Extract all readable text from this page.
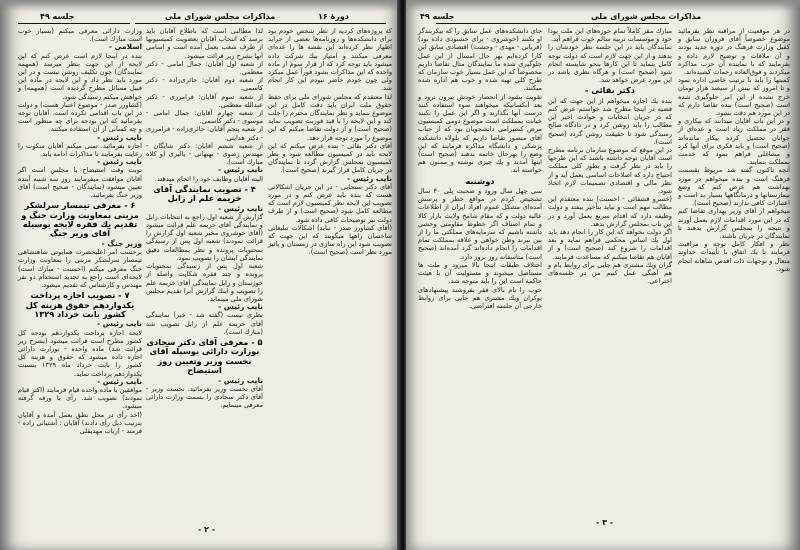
جلسه ۴۹	مذاكرات مجلس شوراى ملى	دورهٔ ۱۶

كه پروژه‌هاى كرديه از نظر شخص خودم بود براى دانشكده‌ها و روزنامه‌ها بعضى از جرايد اظهار نظر كرده‌اند اين نقشه ها را عده‌اى معرفى ميكنند و امتياز بيك شركت داده ميشود بايد توجه كرد كه از قرار سوم از ماده واحده كه اين مذاكرات بشود فوراً عمل ميكرد ولى چون خودم حاضر نبودم اين كار انجام شد.

لذا معتقدم كه مجلس شوراى ملى براى حفظ حقوق ملت ايران بايد دقت كامل در اين موضوع بنمايد و نظر نمايندگان محترم را جلب كند و اين لايحه را با قيد فوريت تصويب نمايد (صحيح است) و از دولت تقاضا ميكنم كه اين موضوع را مورد توجه قرار دهد.

آقاى دكتر بقائى - بنده عرض ميكنم كه اين لايحه بايد در كميسيون مطالعه شود و نظر كميسيون بمجلس گزارش گردد تا نمايندگان در جريان كامل قرار گيرند (صحيح است).

نايب رئيس -

آقاى دكتر سنجابى - در اين جريان اشكالاتى هست كه بنده بايد عرض كنم و در مورد تصويب اين لايحه نظر كميسيون لازم است كه مطالعه كامل شود (صحيح است) و از طرف دولت نيز توضيحات كافى داده شود.

(آقاى كشاورز صدر - نبايد) اشكالات تبليغاتى ساختمان راهها ميگويند كه اين جهت كه تصويب شود اين راه سازى در زمستان و پائيز مورد نظر است (صحيح است).

لذا مطالبى است كه باطلاع آقايان بايد برسد كه انتخاب آقايان بعضويت كميسيونها از طرف شعب بعمل آمده است و اسامى آنها بشرح زير قرائت ميشود.

از شعبه اول آقايان: جمال امامى - دكتر معظمى.

از شعبه دوم آقايان: حائرى‌زاده - دكتر كاسمى.

از شعبه سوم آقايان: فرامرزى - دكتر عبدالله معظمى.

از شعبه چهارم آقايان: جمال امامى - موسوى - دكتر كاسمى.

از شعبه پنجم آقايان: حائرى‌زاده - فرامرزى - دكتر هدايتى.

از شعبه ششم آقايان: دكتر شايگان - مهندس رضوى - بهبهانى - ياليزى (و كلاه مبارك است).

نايب رئيس -

البته آقايان وظايف خود را انجام ميدهند.

۴ - تصويب نمايندگى آقاى خزيمه علم از زابل

نايب رئيس -

گزارش از شعبه اول راجع به انتخابات زابل و نمايندگى آقاى خزيمه علم قرائت ميشود (آقاى خوشروى مخبر شعبه اول گزارش را قرائت نمودند) شعبه اول پس از رسيدگى بمحتويات پرونده و نظر بمطالعات دقيق نمايندگى ايشان را تصويب نمود.

شعبه اول پس از رسيدگى بمحتويات پرونده و چند فقره شكايت واصله از خوزستان و زابل نمايندگى آقاى خزيمه علم را تصويب و اينك گزارش آنرا تقديم مجلس شوراى ملى مينمايد.

نايب رئيس -

نظرى نيست (گفته شد - خير) نمايندگى آقاى خزيمه علم از زابل تصويب شد (مبارك است).

۵ - معرفى آقاى دكتر سجادى بوزارت دارائى بوسيله آقاى نخست وزير وتعيين روز استيضاح

نايب رئيس -

آقاى نخست وزير بفرمائيد. نخست وزير - آقاى دكتر سجادى را بسمت وزارت دارائى معرفى مينمايم.

وزارت دارائى معرفى ميكنم (بسيار خوب است مبارك است).

اسلامى -

بنده در اينجا لازم است عرض كنم كه اين لايحه از اين جهت بنظر ميرسد (همهمه نمايندگان) چون تكليف روشن نيست و در اين مورد بايد نظر داد و اين لايحه در ماده اين قبيل مسائل مطرح گرديده است (همهمه) و خواهش ميكنم رسيدگى شود.

(كشاورز صدر - موضوع اعتبار هست) و دولت در اين باب اقدامى نكرده است. آقايان توجه بفرمائيد كه اين بودجه براى چه منظور است و چه كسانى از آن استفاده ميكنند.

نايب رئيس -

اجازه بفرمائيد. تمنى ميكنم آقايان سكوت را رعايت بفرمايند تا مذاكرات ادامه يابد.

نايب رئيس -

نوبت وقت استيضاح با مجلس است اگر آقايان موافقت ميفرمايند روز سه شنبه آينده تعيين ميشود (نمايندگان - صحيح است) آقاى وزير جنگ بفرمائيد.

۶ - معرفى تيمسار سرلشكر مزينى بمعاونت وزارت جنگ و تقديم يك فقره لايحه بوسيله آقاى وزير جنگ

وزير جنگ -

برحسب امر اعليحضرت همايونى شاهنشاهى تيمسار سرلشكر مزينى را بمعاونت وزارت جنگ معرفى ميكنم (احسنت - مبارك است) لايحه‌اى است راجع به تجديد استخدام دو نفر مهندس و كارشناس كه تقديم ميشود.

۷ - تصويب اجازه پرداخت يكدوازدهم حقوق هزينه كل كشور بابت خرداد ۱۳۲۹

نايب رئيس -

لايحه اجازه پرداخت يكدوازدهم بودجه كل كشور مطرح است قرائت ميشود (بشرح زير قرائت شد) ماده واحده - بوزارت دارائى اجازه داده ميشود كه حقوق و هزينه كل كشور را بابت خرداد ماه ۱۳۲۹ بنسبت يكدوازدهم پرداخت نمايد.

نايب رئيس -

موافقين با ماده واحده قيام فرمايند (اكثر قيام نمودند) تصويب شد. رأى با ورقه گرفته ميشود.

(اخذ رأى در محل نطق بعمل آمده و آقايان بترتيب ذيل رأى دادند) آقايان : آشتيانى زاده - فرمند - ارباب مهديقلى

- ۲ -
جلسه ۴۹	مذاكرات مجلس شوراى ملى

جاى دانشكده‌هاى عمل سابق را كه بيكربندگر او بكنند (خوشروى - براى خشنودى داده بود) (قرباني - مهدى - وحشت) اقتصادى سابق اين كارا كرده‌ايم بهر حال امسال از اين عمل جلوگيرى شده ما نمايندگان مثال تقاضا داريم مخصوصاً كه اين عمل بسيار خوب سازمان كه طرح كلى تهيه شده و خوب هم اداره شده ميكنند.

تقويت بشود از انحصار خودش بيرون نرود و بعد آنكسانيكه ميخواهند سوء استفاده كنند درست آنها بگذارند و اگر اين عمل را نكنند خيانت بمملكت است موضوع دومى كميسيون مرض كشيرامى دانشجويان بود كه از جناب آقاى منصور تقاضا داريم كه بلولاه دانشكده پزشكى و دانشگاه مذاكره فرمايند كه اين وضع را بهرحال خاتمه بدهند (صحيح است) اينها آمدند و يك چيزى نوشته و ممنون هم خواسته اند.

دوشنبه

سى چهل سال ورود و صحبت پلى ۴۰ سال تشخيص كردم در مواقع خطر و پرسش آمده‌اى مشكل عموم افراد ايران از اطلاعات عاليه دولت و كه مقام شامخ ولايت بازار كالا و تمام اصناف اگر خطوط مقاومتى وحشى داشته باشيم كه سرمايه‌هاى مملكتى ما را از بين ببرند وطن خواهى و علاقه بمملكت تمام اقدامات را انجام داده‌اند گرد آمده‌اند (صحيح است) متاسفانه روز بروز دارد.

اختلاف طبقات اينجا بالا ميرود و ملت ها مستاصل ميشوند و مسئوليت آن با هيئت حاكمه است اين را بايد متوجه شد.

خوب را بام بالاى فقر بفروشند پيشنهادهاى نوكران ويك مشترى هم جايى براى روابط خارجى آن جلسه افتراضى.

مبارك مقر كاملاً تمام حوزه‌هاى اين ملت بودا خود و موسسات تربيه سالم خوب فراهم آيد.

نمايندگان بايد در اين جلسه نظر خودشان را بدهند و از اين جهت لازم است كه دولت توجه كامل بنمايد تا اين كارها بنحو شايسته انجام شود (صحيح است) و هرگاه نظرى باشد در اين مورد عرض خواهد شد.

دكتر بقائى -

بنده يك اجازه ميخواهم از اين جهت كه اين قضيه در اينجا مطرح شد خواستم عرض كنم كه در جريان انتخابات و حوادث اخير اين مطالب را بايد روشن كرد و در دادگاه صالح رسيدگى شود تا حقيقت روشن گردد (صحيح است).

در اين موقع كه موضوع سازمان برنامه مطرح است آقايان توجه داشته باشند كه اين طرحها را بايد در نظر گرفت و بطور كلى مملكت احتياج دارد كه اصلاحات اساسى بعمل آيد و از نظر مالى و اقتصادى تصميمات لازم اتخاذ شود.

(خسرو قشقائى - احسنت) بنده معتقدم اين مطالب مهم است و نبايد بتأخير بيفتد و دولت وظيفه دارد كه اقدام سريع بعمل آورد و در اين باب بمجلس گزارش بدهد.

اگر دولت بخواهد كه اين كار را انجام دهد بايد اول يك اساس محكمى فراهم نمايد و بعد اقدامات را شروع كند (صحيح است) و از آقايان هم تقاضا ميكنم كه مساعدت فرمايند.

گران ويك مشترى هم جايى براى روابط يام و هم آهنگى عمل كنيم من در جلسه‌هاى اختراعى.

در هر موقعيت از مراقبه نظر بفرمائيد موضوع خصوصاً آقاى فروزان سابق و كفيل وزارت فرهنگ در دوره جديد بودند و آن ملاقات و توضيح لازم داده و بفرمايند كه با نماينده آن حزب مذاكره ميكردند و فوق‌العاده زحمات كشيده‌اند.

كميتها را بايد با ترتيب خاصى اداره نمود و تا امروز كه بيش از سيصد هزار تومان خرج نشده از اين امر جلوگيرى شده است (صحيح است) بنده تقاضا دارم كه در اين مورد هم دقت بشود.

و در اين باب آقايان ميدانند كه بيكارى و فقر در مملكت زياد است و عده‌اى از جوانان تحصيل كرده بيكار مانده‌اند (صحيح است) و بايد فكرى براى آنها كرد و مشاغلى فراهم نمود كه خدمت بمملكت بنمايند.

آنچه تاكنون گفته شد مربوط بقسمت فرهنگ است و بنده ميخواهم در مورد بهداشت هم عرض كنم كه وضع بيمارستانها و درمانگاهها بسيار بد است و اعتبارات كافى ندارند (صحيح است).

ميخواهم از آقاى وزير بهدارى تقاضا كنم كه در اين مورد اقدامات لازم بعمل آورند و نتيجه را بمجلس گزارش بدهند تا نمايندگان در جريان باشند.

نظر و افكار كامل توجه و مراقبت فرمايند تا يك اتفاق با تأييدات خداوند متعال و توجهات ذات اقدس شاهانه انجام شود.

- ۳ -
